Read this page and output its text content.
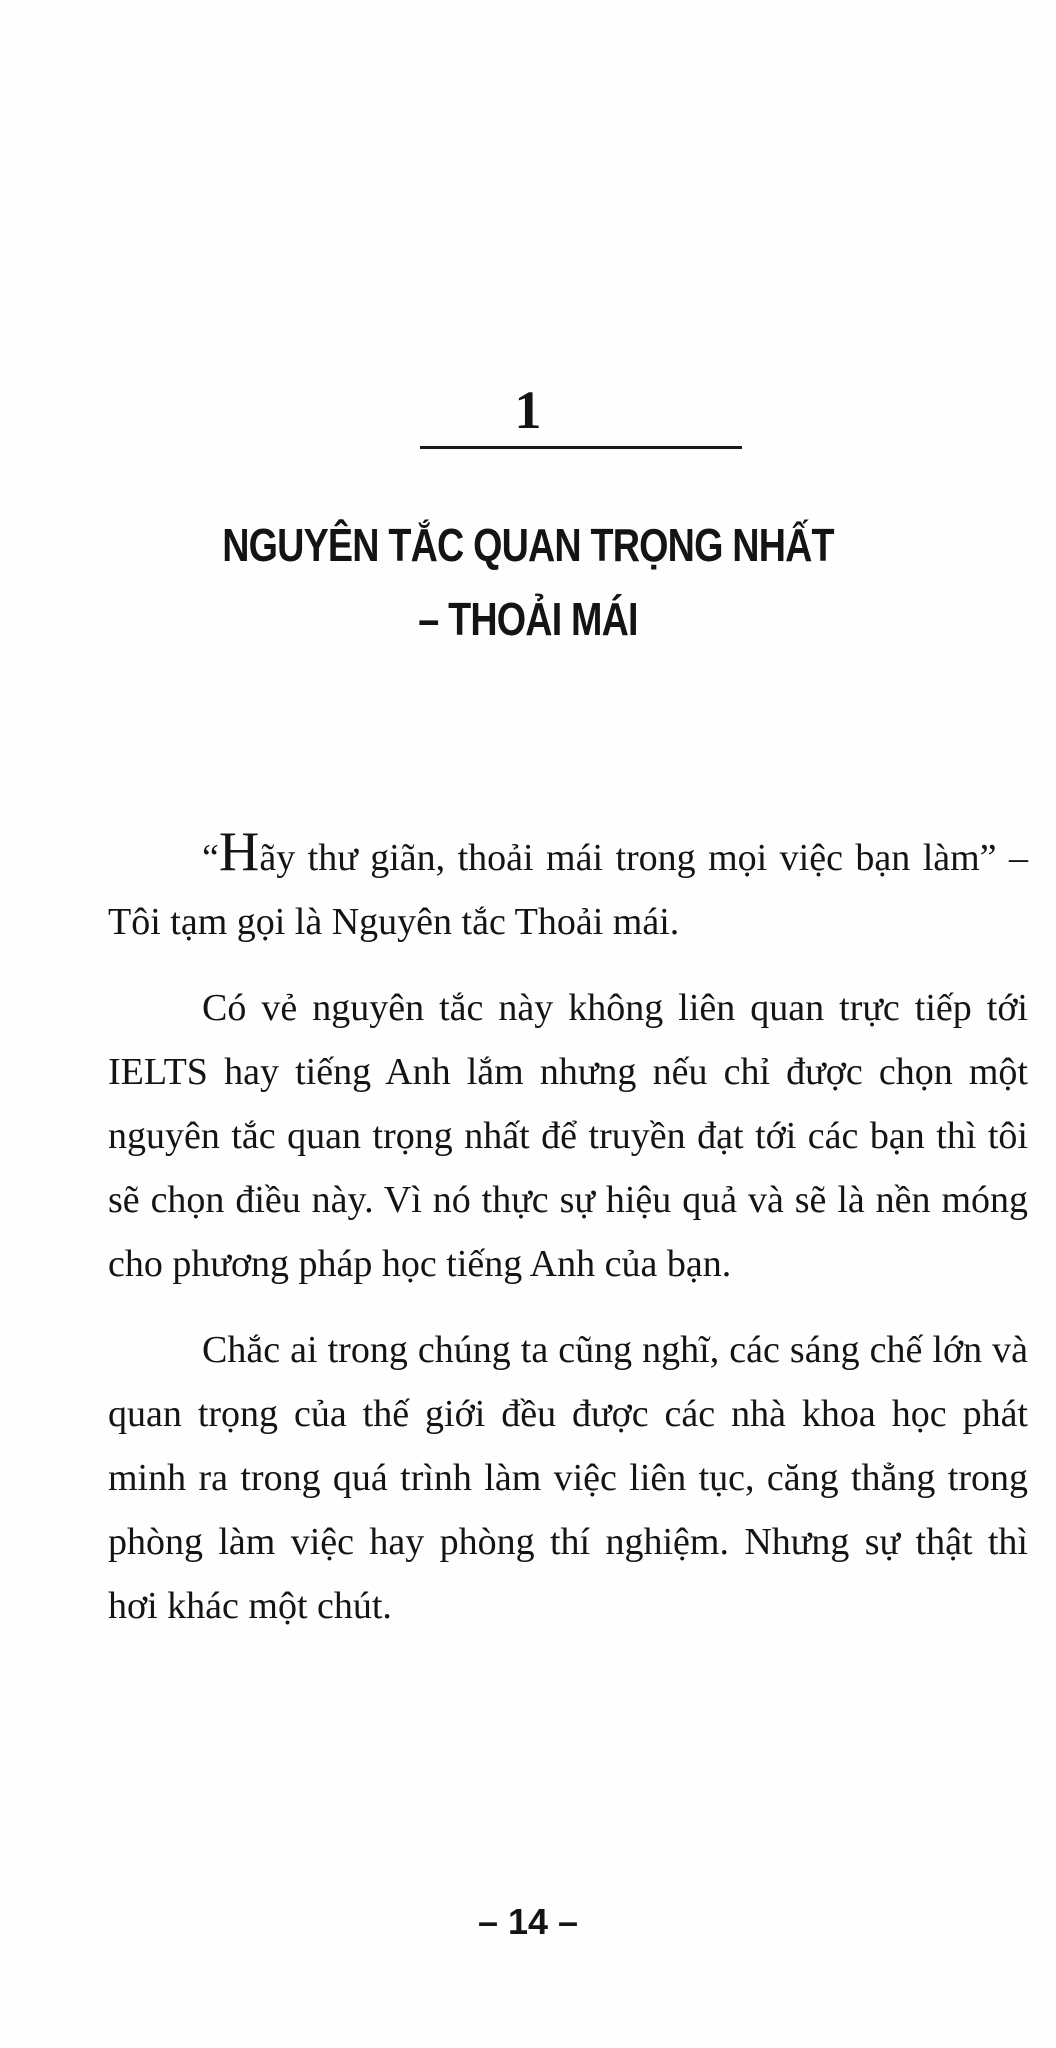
1
NGUYÊN TẮC QUAN TRỌNG NHẤT
– THOẢI MÁI

“Hãy thư giãn, thoải mái trong mọi việc bạn làm” – Tôi tạm gọi là Nguyên tắc Thoải mái.

Có vẻ nguyên tắc này không liên quan trực tiếp tới IELTS hay tiếng Anh lắm nhưng nếu chỉ được chọn một nguyên tắc quan trọng nhất để truyền đạt tới các bạn thì tôi sẽ chọn điều này. Vì nó thực sự hiệu quả và sẽ là nền móng cho phương pháp học tiếng Anh của bạn.

Chắc ai trong chúng ta cũng nghĩ, các sáng chế lớn và quan trọng của thế giới đều được các nhà khoa học phát minh ra trong quá trình làm việc liên tục, căng thẳng trong phòng làm việc hay phòng thí nghiệm. Nhưng sự thật thì hơi khác một chút.

– 14 –
